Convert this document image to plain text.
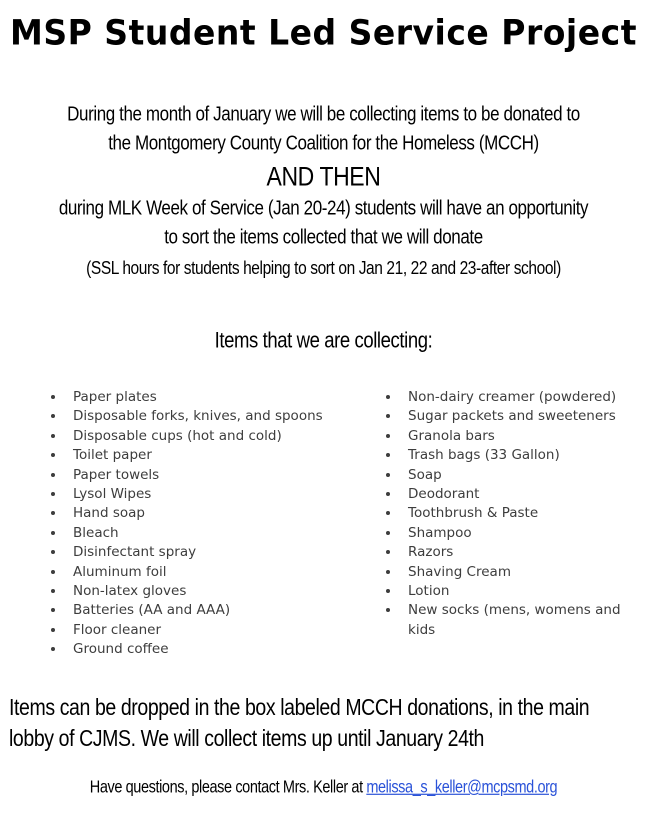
MSP Student Led Service Project
During the month of January we will be collecting items to be donated to
the Montgomery County Coalition for the Homeless (MCCH)
AND THEN
during MLK Week of Service (Jan 20-24) students will have an opportunity
to sort the items collected that we will donate
(SSL hours for students helping to sort on Jan 21, 22 and 23-after school)
Items that we are collecting:
• Paper plates
• Disposable forks, knives, and spoons
• Disposable cups (hot and cold)
• Toilet paper
• Paper towels
• Lysol Wipes
• Hand soap
• Bleach
• Disinfectant spray
• Aluminum foil
• Non-latex gloves
• Batteries (AA and AAA)
• Floor cleaner
• Ground coffee
• Non-dairy creamer (powdered)
• Sugar packets and sweeteners
• Granola bars
• Trash bags (33 Gallon)
• Soap
• Deodorant
• Toothbrush & Paste
• Shampoo
• Razors
• Shaving Cream
• Lotion
• New socks (mens, womens and kids
Items can be dropped in the box labeled MCCH donations, in the main
lobby of CJMS. We will collect items up until January 24th
Have questions, please contact Mrs. Keller at melissa_s_keller@mcpsmd.org
